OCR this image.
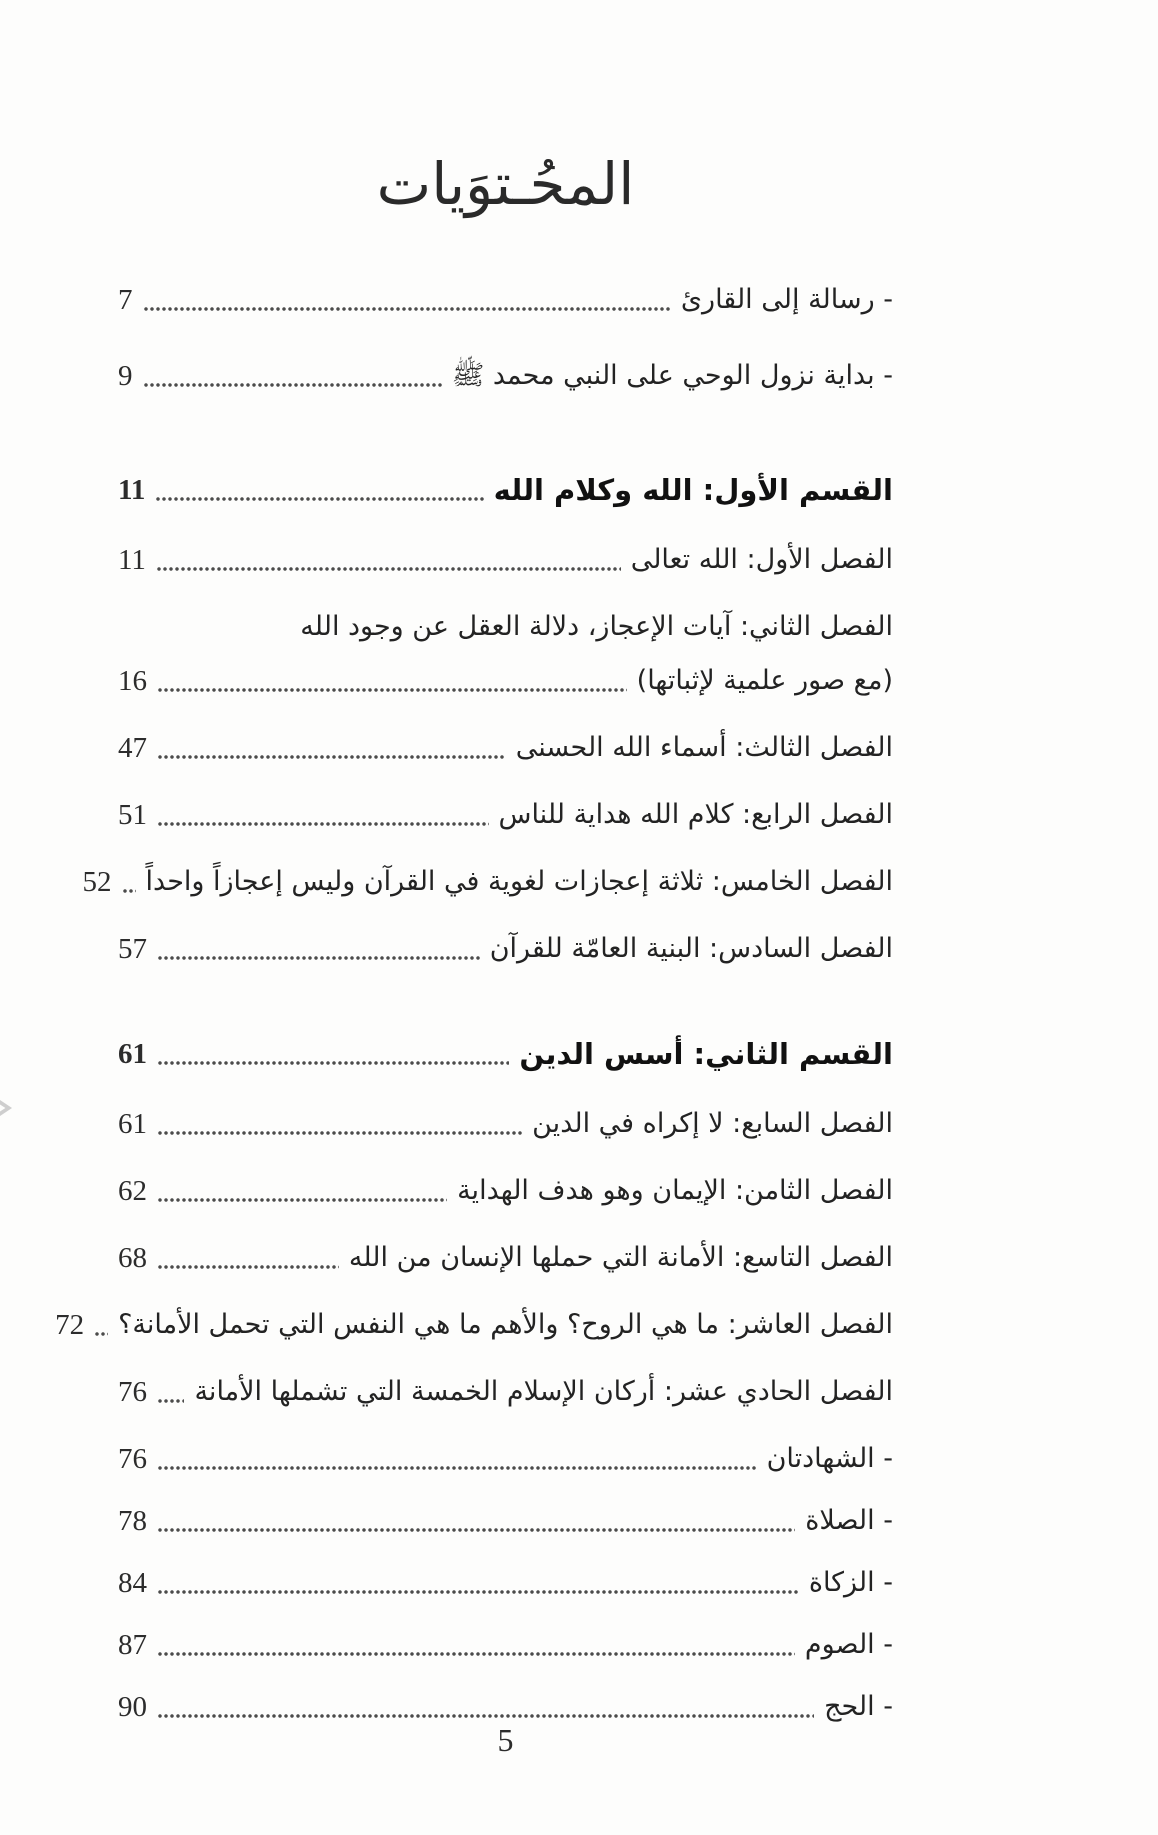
المحُـتوَيات
- رسالة إلى القارئ
7
- بداية نزول الوحي على النبي محمد ﷺ
9
القسم الأول: الله وكلام الله
11
الفصل الأول: الله تعالى
11
الفصل الثاني: آيات الإعجاز، دلالة العقل عن وجود الله
(مع صور علمية لإثباتها)
16
الفصل الثالث: أسماء الله الحسنى
47
الفصل الرابع: كلام الله هداية للناس
51
الفصل الخامس: ثلاثة إعجازات لغوية في القرآن وليس إعجازاً واحداً
52
الفصل السادس: البنية العامّة للقرآن
57
القسم الثاني: أسس الدين
61
الفصل السابع: لا إكراه في الدين
61
الفصل الثامن: الإيمان وهو هدف الهداية
62
الفصل التاسع: الأمانة التي حملها الإنسان من الله
68
الفصل العاشر: ما هي الروح؟ والأهم ما هي النفس التي تحمل الأمانة؟
72
الفصل الحادي عشر: أركان الإسلام الخمسة التي تشملها الأمانة
76
- الشهادتان
76
- الصلاة
78
- الزكاة
84
- الصوم
87
- الحج
90
5
